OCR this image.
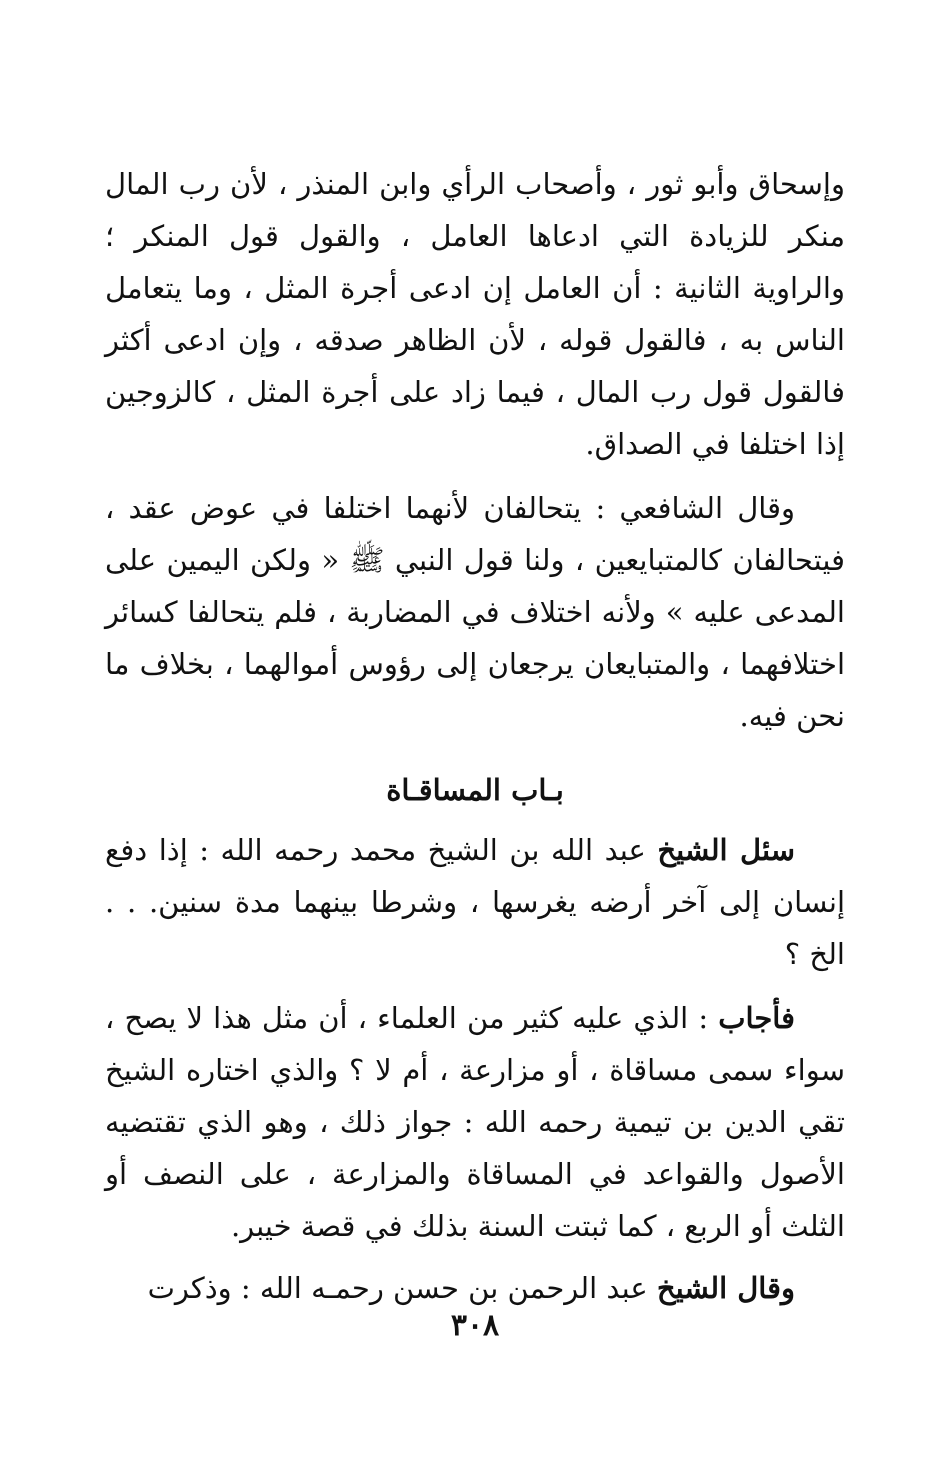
وإسحاق وأبو ثور ، وأصحاب الرأي وابن المنذر ، لأن رب المال منكر للزيادة التي ادعاها العامل ، والقول قول المنكر ؛ والراوية الثانية : أن العامل إن ادعى أجرة المثل ، وما يتعامل الناس به ، فالقول قوله ، لأن الظاهر صدقه ، وإن ادعى أكثر فالقول قول رب المال ، فيما زاد على أجرة المثل ، كالزوجين إذا اختلفا في الصداق.

وقال الشافعي : يتحالفان لأنهما اختلفا في عوض عقد ، فيتحالفان كالمتبايعين ، ولنا قول النبي ﷺ « ولكن اليمين على المدعى عليه » ولأنه اختلاف في المضاربة ، فلم يتحالفا كسائر اختلافهما ، والمتبايعان يرجعان إلى رؤوس أموالهما ، بخلاف ما نحن فيه.

بـاب المساقـاة

سئل الشيخ عبد الله بن الشيخ محمد رحمه الله : إذا دفع إنسان إلى آخر أرضه يغرسها ، وشرطا بينهما مدة سنين. . . الخ ؟

فأجاب : الذي عليه كثير من العلماء ، أن مثل هذا لا يصح ، سواء سمى مساقاة ، أو مزارعة ، أم لا ؟ والذي اختاره الشيخ تقي الدين بن تيمية رحمه الله : جواز ذلك ، وهو الذي تقتضيه الأصول والقواعد في المساقاة والمزارعة ، على النصف أو الثلث أو الربع ، كما ثبتت السنة بذلك في قصة خيبر.

وقال الشيخ عبد الرحمن بن حسن رحمـه الله : وذكرت

٣٠٨
